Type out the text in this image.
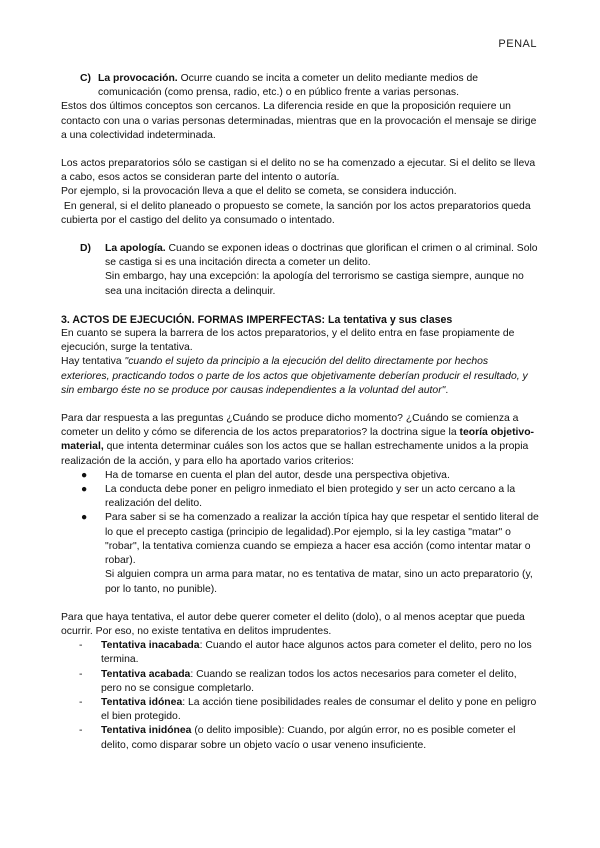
PENAL
C) La provocación. Ocurre cuando se incita a cometer un delito mediante medios de comunicación (como prensa, radio, etc.) o en público frente a varias personas.

Estos dos últimos conceptos son cercanos. La diferencia reside en que la proposición requiere un contacto con una o varias personas determinadas, mientras que en la provocación el mensaje se dirige a una colectividad indeterminada.

Los actos preparatorios sólo se castigan si el delito no se ha comenzado a ejecutar. Si el delito se lleva a cabo, esos actos se consideran parte del intento o autoría.

Por ejemplo, si la provocación lleva a que el delito se cometa, se considera inducción.

En general, si el delito planeado o propuesto se comete, la sanción por los actos preparatorios queda cubierta por el castigo del delito ya consumado o intentado.

D)	La apología. Cuando se exponen ideas o doctrinas que glorifican el crimen o al criminal. Solo se castiga si es una incitación directa a cometer un delito.
Sin embargo, hay una excepción: la apología del terrorismo se castiga siempre, aunque no sea una incitación directa a delinquir.

3. ACTOS DE EJECUCIÓN. FORMAS IMPERFECTAS: La tentativa y sus clases

En cuanto se supera la barrera de los actos preparatorios, y el delito entra en fase propiamente de ejecución, surge la tentativa.

Hay tentativa "cuando el sujeto da principio a la ejecución del delito directamente por hechos exteriores, practicando todos o parte de los actos que objetivamente deberían producir el resultado, y sin embargo éste no se produce por causas independientes a la voluntad del autor".

Para dar respuesta a las preguntas ¿Cuándo se produce dicho momento? ¿Cuándo se comienza a cometer un delito y cómo se diferencia de los actos preparatorios? la doctrina sigue la teoría objetivo-material, que intenta determinar cuáles son los actos que se hallan estrechamente unidos a la propia realización de la acción, y para ello ha aportado varios criterios:

●	Ha de tomarse en cuenta el plan del autor, desde una perspectiva objetiva.
●	La conducta debe poner en peligro inmediato el bien protegido y ser un acto cercano a la realización del delito.
●	Para saber si se ha comenzado a realizar la acción típica hay que respetar el sentido literal de lo que el precepto castiga (principio de legalidad).Por ejemplo, si la ley castiga "matar" o "robar", la tentativa comienza cuando se empieza a hacer esa acción (como intentar matar o robar).

Si alguien compra un arma para matar, no es tentativa de matar, sino un acto preparatorio (y, por lo tanto, no punible).

Para que haya tentativa, el autor debe querer cometer el delito (dolo), o al menos aceptar que pueda ocurrir. Por eso, no existe tentativa en delitos imprudentes.

-	Tentativa inacabada: Cuando el autor hace algunos actos para cometer el delito, pero no los termina.
-	Tentativa acabada: Cuando se realizan todos los actos necesarios para cometer el delito, pero no se consigue completarlo.
-	Tentativa idónea: La acción tiene posibilidades reales de consumar el delito y pone en peligro el bien protegido.
-	Tentativa inidónea (o delito imposible): Cuando, por algún error, no es posible cometer el delito, como disparar sobre un objeto vacío o usar veneno insuficiente.
